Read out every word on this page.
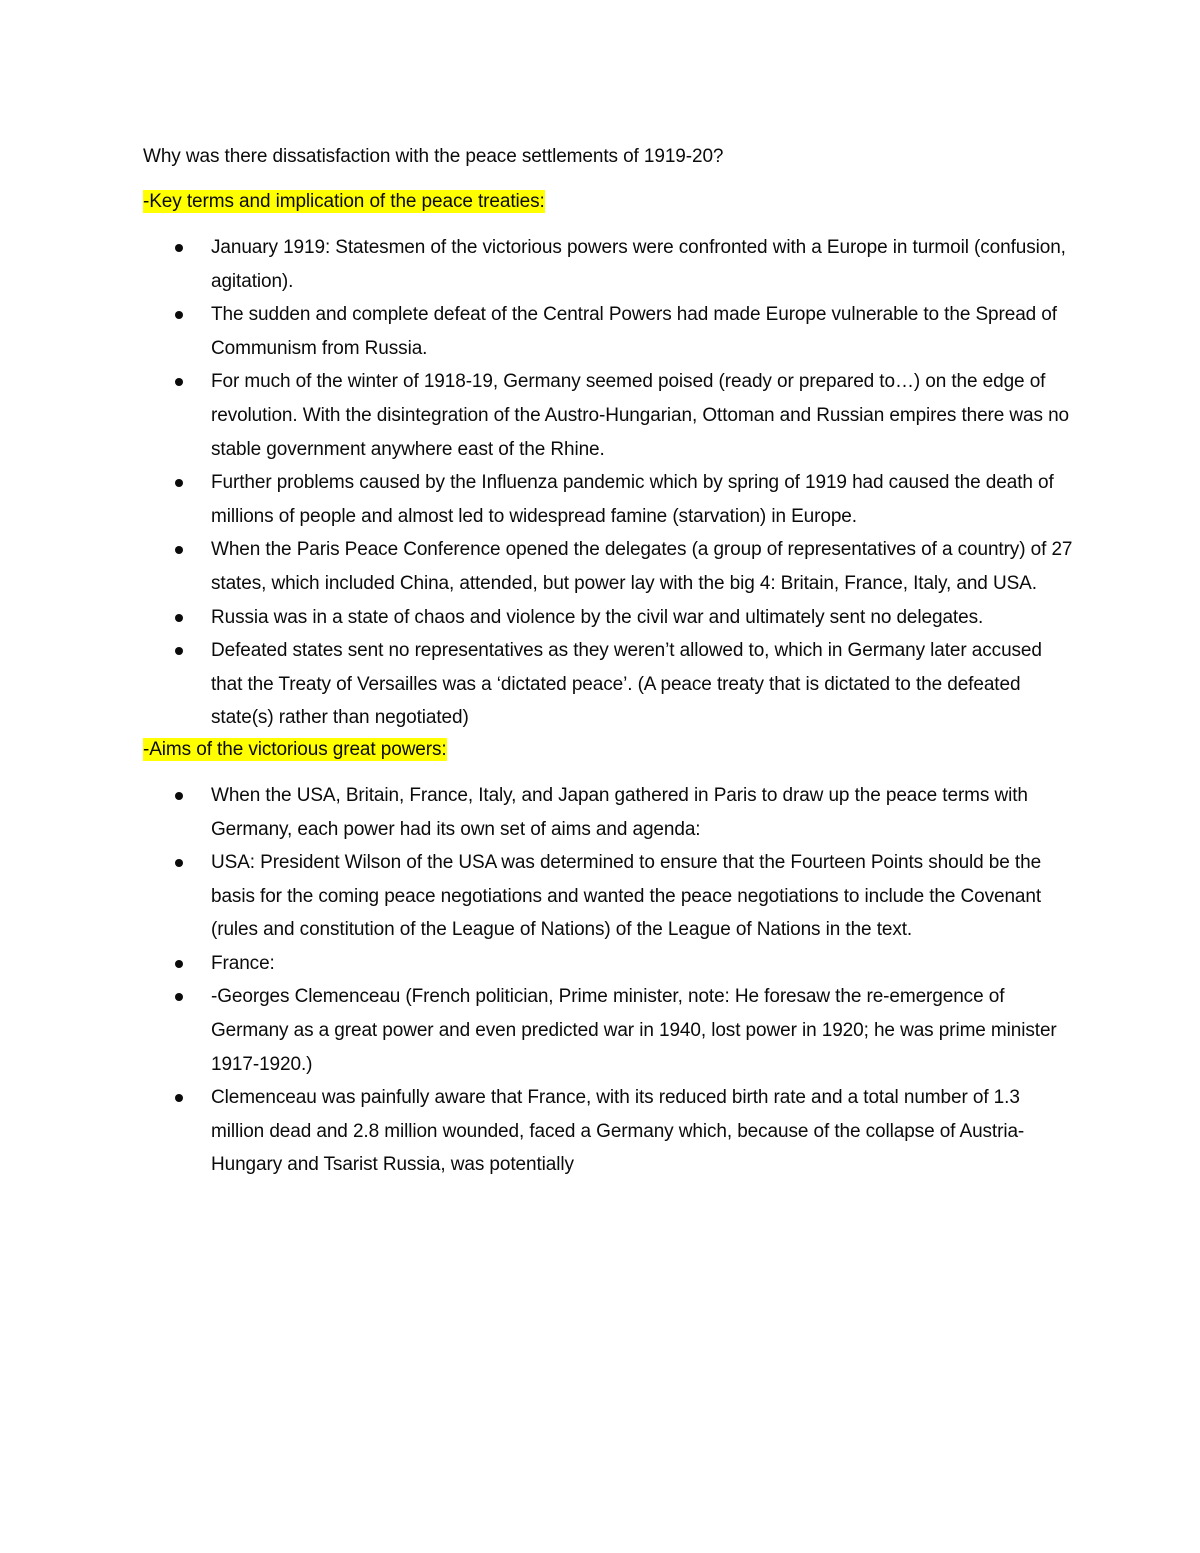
Why was there dissatisfaction with the peace settlements of 1919-20?
-Key terms and implication of the peace treaties:
January 1919: Statesmen of the victorious powers were confronted with a Europe in turmoil (confusion, agitation).
The sudden and complete defeat of the Central Powers had made Europe vulnerable to the Spread of Communism from Russia.
For much of the winter of 1918-19, Germany seemed poised (ready or prepared to…) on the edge of revolution. With the disintegration of the Austro-Hungarian, Ottoman and Russian empires there was no stable government anywhere east of the Rhine.
Further problems caused by the Influenza pandemic which by spring of 1919 had caused the death of millions of people and almost led to widespread famine (starvation) in Europe.
When the Paris Peace Conference opened the delegates (a group of representatives of a country) of 27 states, which included China, attended, but power lay with the big 4: Britain, France, Italy, and USA.
Russia was in a state of chaos and violence by the civil war and ultimately sent no delegates.
Defeated states sent no representatives as they weren’t allowed to, which in Germany later accused that the Treaty of Versailles was a ‘dictated peace’. (A peace treaty that is dictated to the defeated state(s) rather than negotiated)
-Aims of the victorious great powers:
When the USA, Britain, France, Italy, and Japan gathered in Paris to draw up the peace terms with Germany, each power had its own set of aims and agenda:
USA: President Wilson of the USA was determined to ensure that the Fourteen Points should be the basis for the coming peace negotiations and wanted the peace negotiations to include the Covenant (rules and constitution of the League of Nations) of the League of Nations in the text.
France:
-Georges Clemenceau (French politician, Prime minister, note: He foresaw the re-emergence of Germany as a great power and even predicted war in 1940, lost power in 1920; he was prime minister 1917-1920.)
Clemenceau was painfully aware that France, with its reduced birth rate and a total number of 1.3 million dead and 2.8 million wounded, faced a Germany which, because of the collapse of Austria-Hungary and Tsarist Russia, was potentially
